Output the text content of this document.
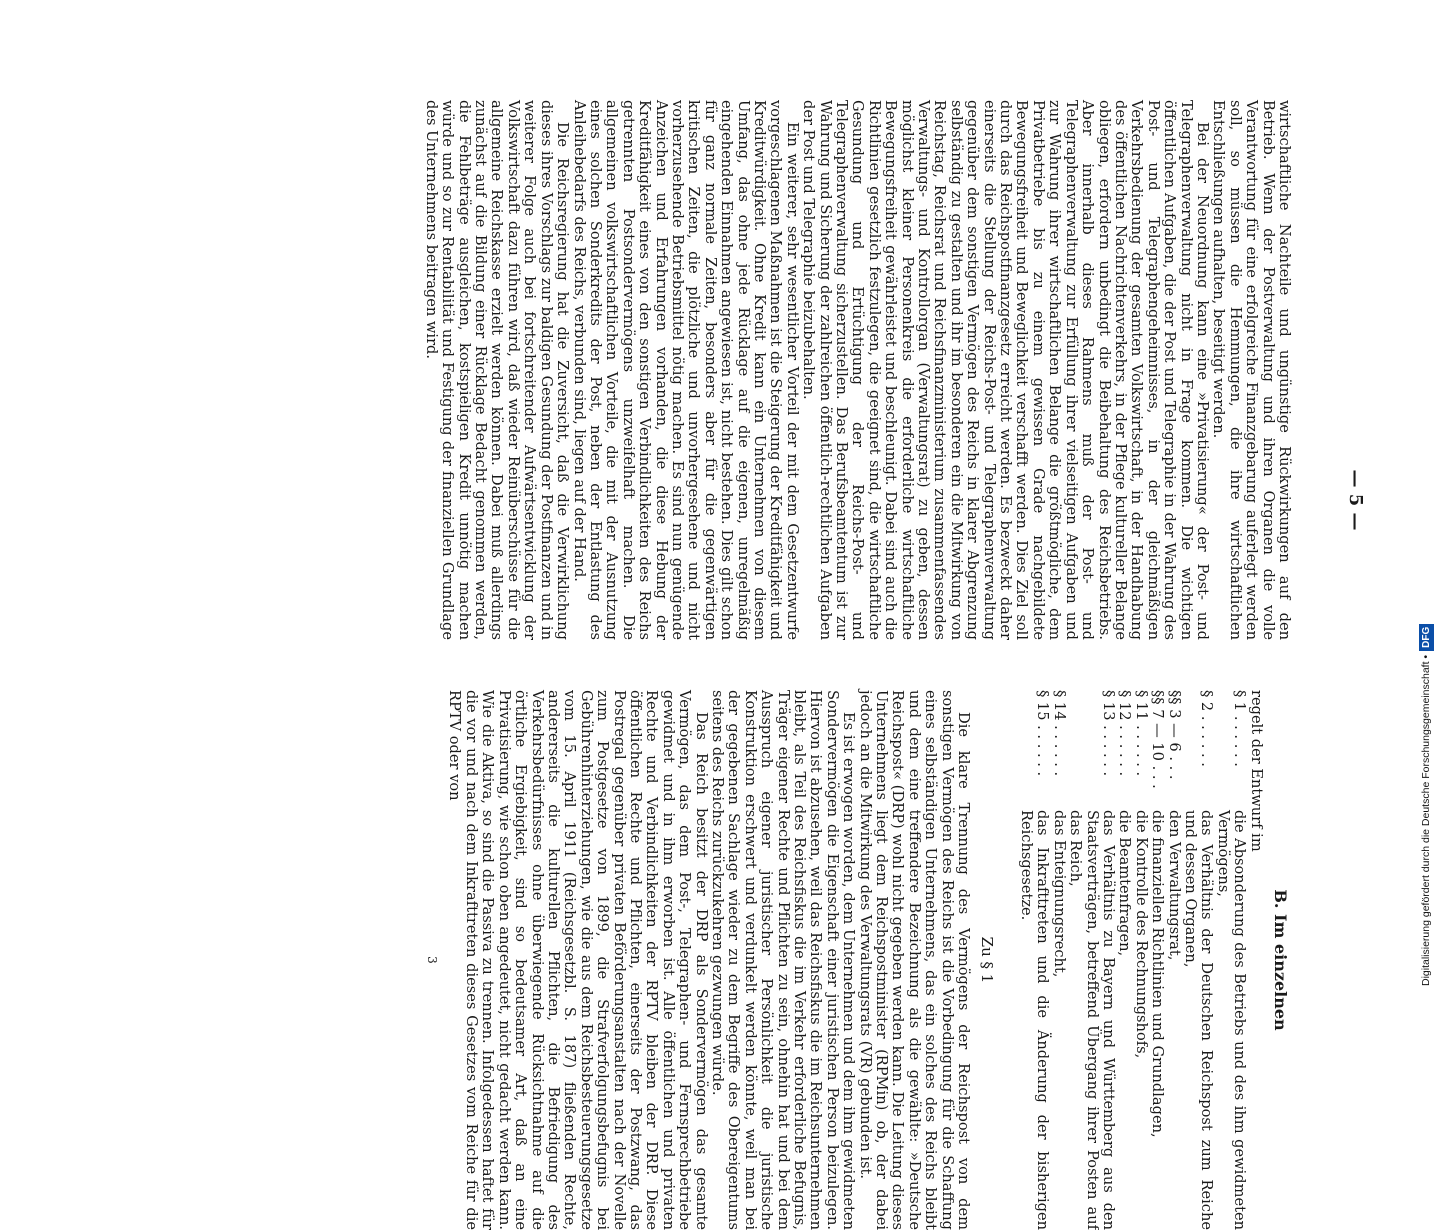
— 5 —

wirtschaftliche Nachteile und ungünstige Rückwirkungen auf den Betrieb. Wenn der Postverwaltung und ihren Organen die volle Verantwortung für eine erfolgreiche Finanzgebarung auferlegt werden soll, so müssen die Hemmungen, die ihre wirtschaftlichen Entschließungen aufhalten, beseitigt werden.

Bei der Neuordnung kann eine »Privatisierung« der Post- und Telegraphenverwaltung nicht in Frage kommen. Die wichtigen öffentlichen Aufgaben, die der Post und Telegraphie in der Wahrung des Post- und Telegraphengeheimnisses, in der gleichmäßigen Verkehrsbedienung der gesamten Volkswirtschaft, in der Handhabung des öffentlichen Nachrichtenverkehrs, in der Pflege kultureller Belange obliegen, erfordern unbedingt die Beibehaltung des Reichsbetriebs. Aber innerhalb dieses Rahmens muß der Post- und Telegraphenverwaltung zur Erfüllung ihrer vielseitigen Aufgaben und zur Wahrung ihrer wirtschaftlichen Belange die größtmögliche, dem Privatbetriebe bis zu einem gewissen Grade nachgebildete Bewegungsfreiheit und Beweglichkeit verschafft werden. Dies Ziel soll durch das Reichspostfinanzgesetz erreicht werden. Es bezweckt daher einerseits die Stellung der Reichs-Post- und Telegraphenverwaltung gegenüber dem sonstigen Vermögen des Reichs in klarer Abgrenzung selbständig zu gestalten und ihr im besonderen ein die Mitwirkung von Reichstag, Reichsrat und Reichsfinanzministerium zusammenfassendes Verwaltungs- und Kontrollorgan (Verwaltungsrat) zu geben, dessen möglichst kleiner Personenkreis die erforderliche wirtschaftliche Bewegungsfreiheit gewährleistet und beschleunigt. Dabei sind auch die Richtlinien gesetzlich festzulegen, die geeignet sind, die wirtschaftliche Gesundung und Ertüchtigung der Reichs-Post- und Telegraphenverwaltung sicherzustellen. Das Berufsbeamtentum ist zur Wahrung und Sicherung der zahlreichen öffentlich-rechtlichen Aufgaben der Post und Telegraphie beizubehalten.

Ein weiterer, sehr wesentlicher Vorteil der mit dem Gesetzentwurfe vorgeschlagenen Maßnahmen ist die Steigerung der Kreditfähigkeit und Kreditwürdigkeit. Ohne Kredit kann ein Unternehmen von diesem Umfang, das ohne jede Rücklage auf die eigenen, unregelmäßig eingehenden Einnahmen angewiesen ist, nicht bestehen. Dies gilt schon für ganz normale Zeiten, besonders aber für die gegenwärtigen kritischen Zeiten, die plötzliche und unvorhergesehene und nicht vorherzusehende Betriebsmittel nötig machen. Es sind nun genügende Anzeichen und Erfahrungen vorhanden, die diese Hebung der Kreditfähigkeit eines von den sonstigen Verbindlichkeiten des Reichs getrennten Postsondervermögens unzweifelhaft machen. Die allgemeinen volkswirtschaftlichen Vorteile, die mit der Ausnutzung eines solchen Sonderkredits der Post, neben der Entlastung des Anleihebedarfs des Reichs, verbunden sind, liegen auf der Hand.

Die Reichsregierung hat die Zuversicht, daß die Verwirklichung dieses ihres Vorschlags zur baldigen Gesundung der Postfinanzen und in weiterer Folge auch bei fortschreitender Aufwärtsentwicklung der Volkswirtschaft dazu führen wird, daß wieder Reinüberschüsse für die allgemeine Reichskasse erzielt werden können. Dabei muß allerdings zunächst auf die Bildung einer Rücklage Bedacht genommen werden, die Fehlbeträge ausgleichen, kostspieligen Kredit unnötig machen würde und so zur Rentabilität und Festigung der finanziellen Grundlage des Unternehmens beitragen wird.

B. Im einzelnen

regelt der Entwurf im

§ 1 . . . . . .	die Absonderung des Betriebs und des ihm gewidmeten Vermögens,
§ 2 . . . . . .	das Verhältnis der Deutschen Reichspost zum Reiche und dessen Organen,
§§ 3 — 6 . . .	den Verwaltungsrat,
§§ 7 — 10 . . .	die finanziellen Richtlinien und Grundlagen,
§ 11 . . . . . .	die Kontrolle des Rechnungshofs,
§ 12 . . . . . .	die Beamtenfragen,
§ 13 . . . . . .	das Verhältnis zu Bayern und Württemberg aus den Staatsverträgen, betreffend Übergang ihrer Posten auf das Reich,
§ 14 . . . . . .	das Enteignungsrecht,
§ 15 . . . . . .	das Inkrafttreten und die Änderung der bisherigen Reichsgesetze.
Zu § 1

Die klare Trennung des Vermögens der Reichspost von dem sonstigen Vermögen des Reichs ist die Vorbedingung für die Schaffung eines selbständigen Unternehmens, das ein solches des Reichs bleibt und dem eine treffendere Bezeichnung als die gewählte: »Deutsche Reichspost« (DRP) wohl nicht gegeben werden kann. Die Leitung dieses Unternehmens liegt dem Reichspostminister (RPMin) ob, der dabei jedoch an die Mitwirkung des Verwaltungsrats (VR) gebunden ist.

Es ist erwogen worden, dem Unternehmen und dem ihm gewidmeten Sondervermögen die Eigenschaft einer juristischen Person beizulegen. Hiervon ist abzusehen, weil das Reichsfiskus die im Reichsunternehmen bleibt, als Teil des Reichsfiskus die im Verkehr erforderliche Befugnis, Träger eigener Rechte und Pflichten zu sein, ohnehin hat und bei dem Ausspruch eigener juristischer Persönlichkeit die juristische Konstruktion erschwert und verdunkelt werden könnte, weil man bei der gegebenen Sachlage wieder zu dem Begriffe des Obereigentums seitens des Reichs zurückzukehren gezwungen würde.

Das Reich besitzt der DRP als Sondervermögen das gesamte Vermögen, das dem Post-, Telegraphen- und Fernsprechbetriebe gewidmet und in ihm erworben ist. Alle öffentlichen und privaten Rechte und Verbindlichkeiten der RPTV bleiben der DRP. Diese öffentlichen Rechte und Pflichten, einerseits der Postzwang, das Postregal gegenüber privaten Beförderungsanstalten nach der Novelle zum Postgesetze von 1899, die Strafverfolgungsbefugnis bei Gebührenhinterziehungen, wie die aus dem Reichsbesteuerungsgesetze vom 15. April 1911 (Reichsgesetzbl. S. 187) fließenden Rechte, andererseits die kulturellen Pflichten, die Befriedigung des Verkehrsbedürfnisses ohne überwiegende Rücksichtnahme auf die örtliche Ergiebigkeit, sind so bedeutsamer Art, daß an eine Privatisierung, wie schon oben angedeutet, nicht gedacht werden kann. Wie die Aktiva, so sind die Passiva zu trennen. Infolgedessen haftet für die vor und nach dem Inkrafttreten dieses Gesetzes vom Reiche für die RPTV oder von

3	Digitalisierung gefördert durch die Deutsche Forschungsgemeinschaft •DFG
